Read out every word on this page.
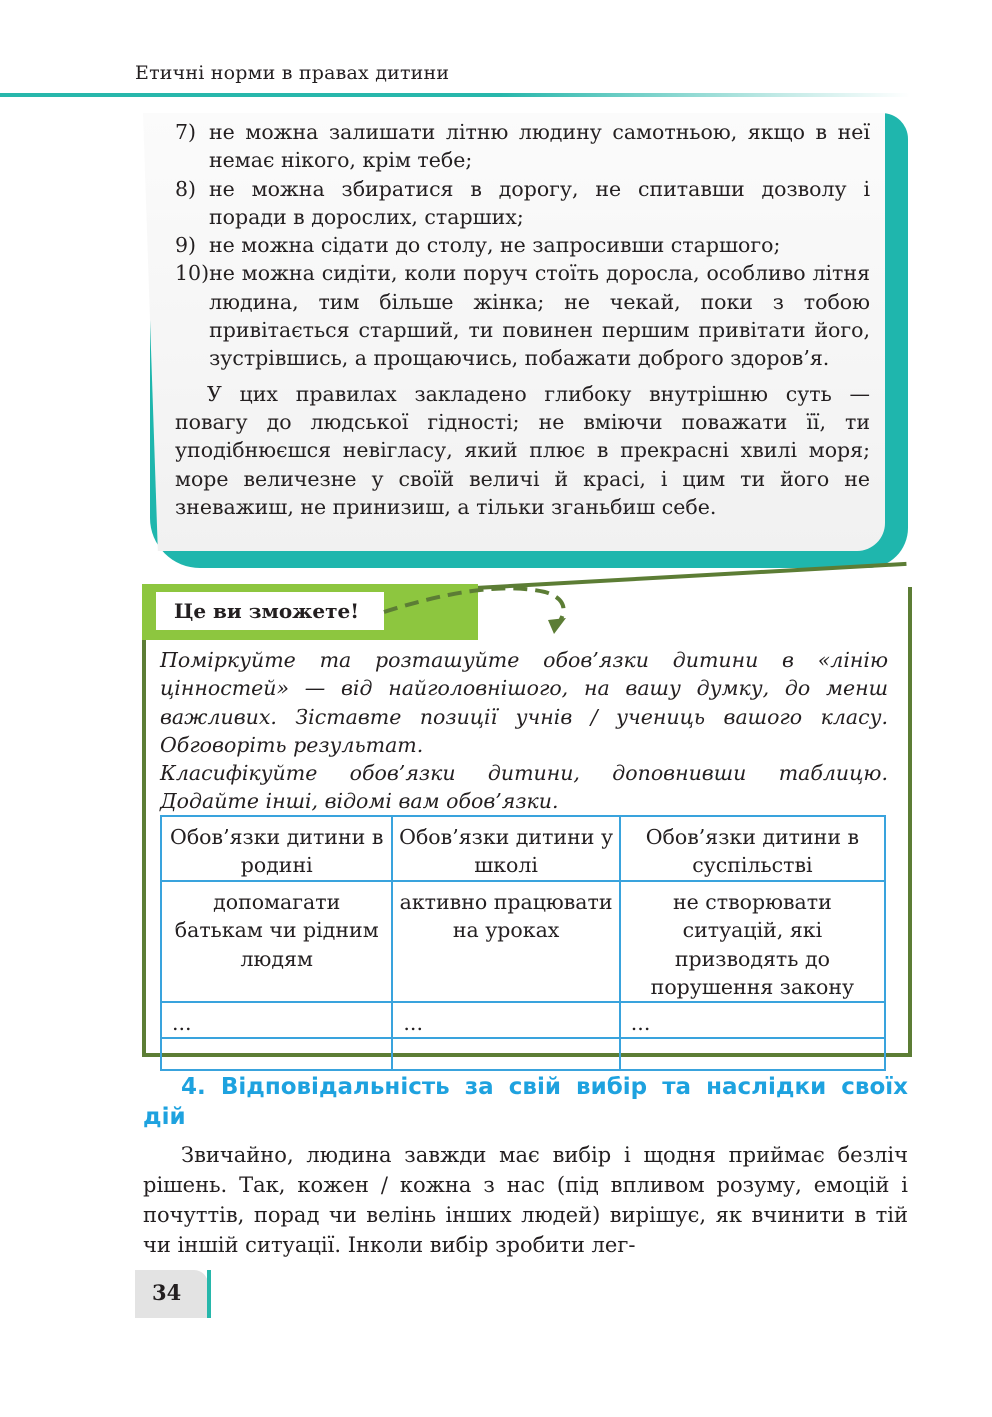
Етичні норми в правах дитини
7) не можна залишати літню людину самотньою, якщо в неї немає нікого, крім тебе;
8) не можна збиратися в дорогу, не спитавши дозволу і поради в дорослих, старших;
9) не можна сідати до столу, не запросивши старшого;
10) не можна сидіти, коли поруч стоїть доросла, особливо літня людина, тим більше жінка; не чекай, поки з тобою привітається старший, ти повинен першим привітати його, зустрівшись, а прощаючись, побажати доброго здоров’я.
У цих правилах закладено глибоку внутрішню суть — повагу до людської гідності; не вміючи поважати її, ти уподібнюєшся невігласу, який плює в прекрасні хвилі моря; море величезне у своїй величі й красі, і цим ти його не зневажиш, не принизиш, а тільки зганьбиш себе.
Це ви зможете!
Поміркуйте та розташуйте обов’язки дитини в «лінію цінностей» — від найголовнішого, на вашу думку, до менш важливих. Зіставте позиції учнів / учениць вашого класу. Обговоріть результат.
Класифікуйте обов’язки дитини, доповнивши таблицю. Додайте інші, відомі вам обов’язки.
Обов’язки дитини в родині	Обов’язки дитини у школі	Обов’язки дитини в суспільстві
допомагати батькам чи рідним людям	активно працювати на уроках	не створювати ситуацій, які призводять до порушення закону
...	...	...

4. Відповідальність за свій вибір та наслідки своїх дій
Звичайно, людина завжди має вибір і щодня приймає безліч рішень. Так, кожен / кожна з нас (під впливом розуму, емоцій і почуттів, порад чи велінь інших людей) вирішує, як вчинити в тій чи іншій ситуації. Інколи вибір зробити лег-
34
